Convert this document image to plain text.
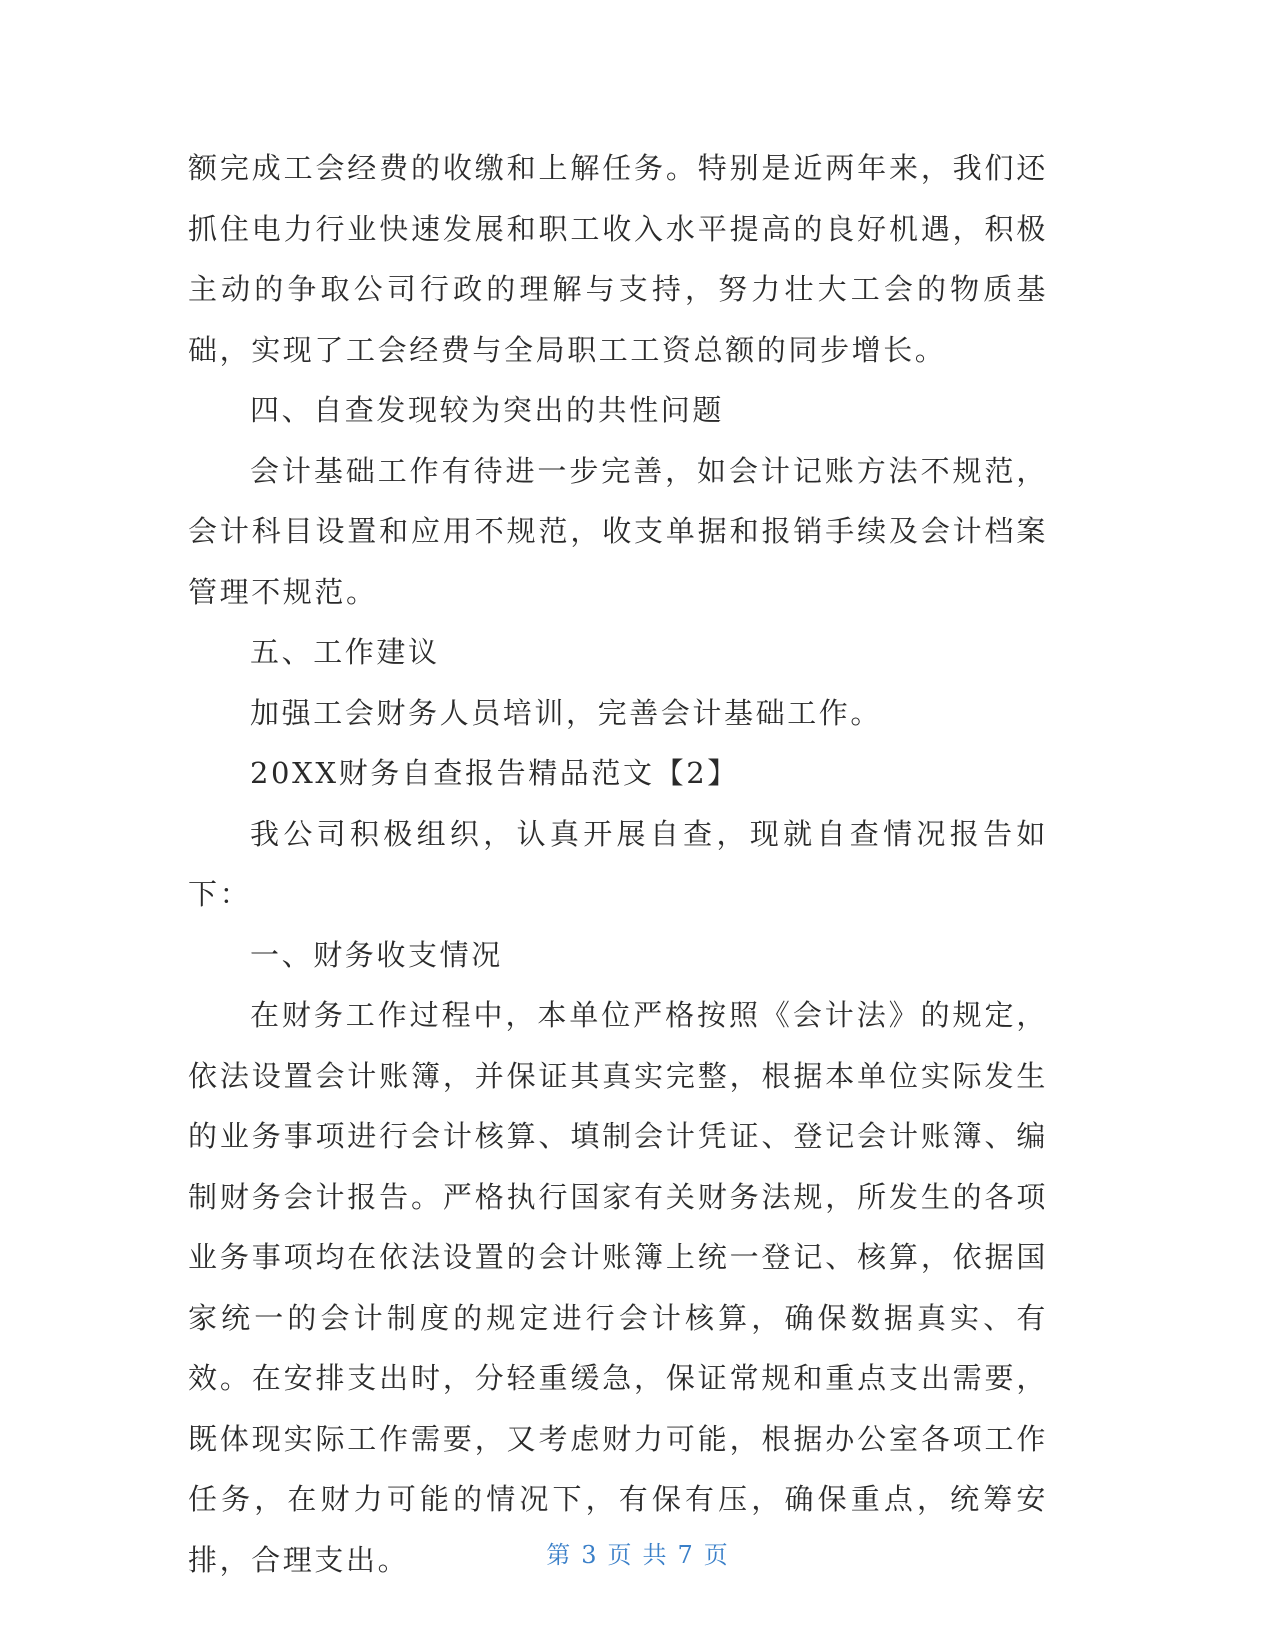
额完成工会经费的收缴和上解任务。特别是近两年来，我们还抓住电力行业快速发展和职工收入水平提高的良好机遇，积极主动的争取公司行政的理解与支持，努力壮大工会的物质基础，实现了工会经费与全局职工工资总额的同步增长。

四、自查发现较为突出的共性问题

会计基础工作有待进一步完善，如会计记账方法不规范，会计科目设置和应用不规范，收支单据和报销手续及会计档案管理不规范。

五、工作建议

加强工会财务人员培训，完善会计基础工作。

20XX财务自查报告精品范文【2】

我公司积极组织，认真开展自查，现就自查情况报告如下：

一、财务收支情况

在财务工作过程中，本单位严格按照《会计法》的规定，依法设置会计账簿，并保证其真实完整，根据本单位实际发生的业务事项进行会计核算、填制会计凭证、登记会计账簿、编制财务会计报告。严格执行国家有关财务法规，所发生的各项业务事项均在依法设置的会计账簿上统一登记、核算，依据国家统一的会计制度的规定进行会计核算，确保数据真实、有效。在安排支出时，分轻重缓急，保证常规和重点支出需要，既体现实际工作需要，又考虑财力可能，根据办公室各项工作任务，在财力可能的情况下，有保有压，确保重点，统筹安排，合理支出。	第 3 页 共 7 页
